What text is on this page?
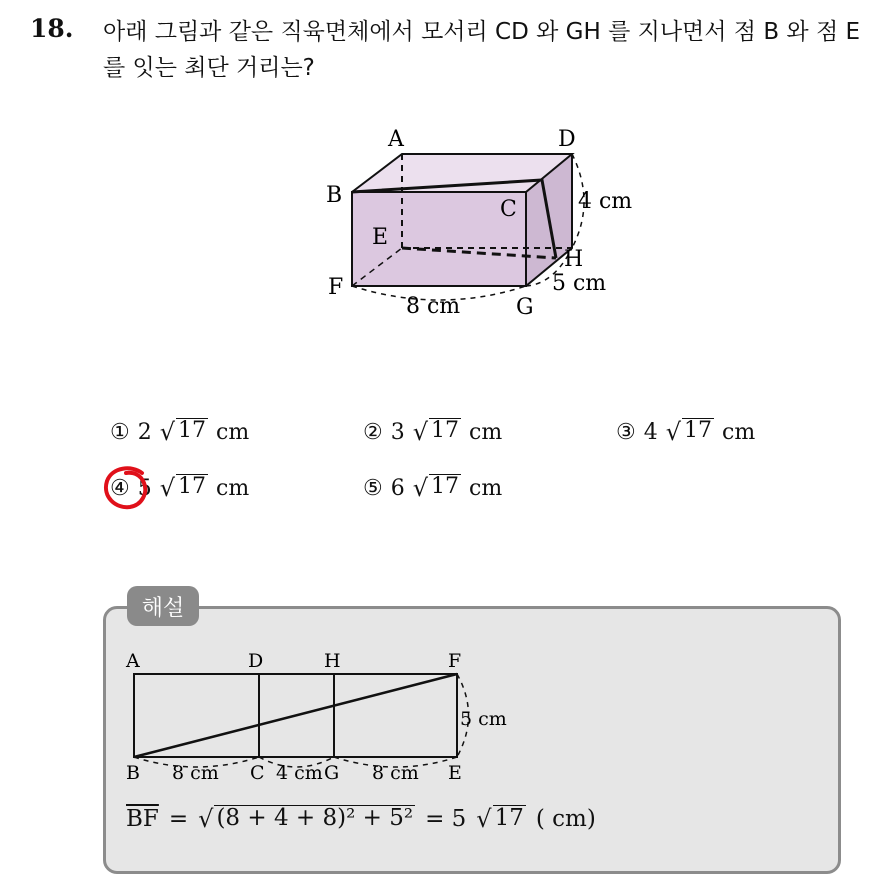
18. 아래 그림과 같은 직육면체에서 모서리 CD 와 GH 를 지나면서 점 B 와 점 E 를 잇는 최단 거리는?
A	D
B
C
E
H
F
G
4 cm
5 cm
8 cm
① 2 √ 17 cm	② 3 √ 17 cm	③ 4 √ 17 cm
④ 5 √ 17 cm	⑤ 6 √ 17 cm
해설
A	D	H	F
B	C	G	E
5 cm
8 cm	4 cm	8 cm
$\overline{BF}$ = √ (8 + 4 + 8)² + 5² = 5 √ 17 ( cm)
